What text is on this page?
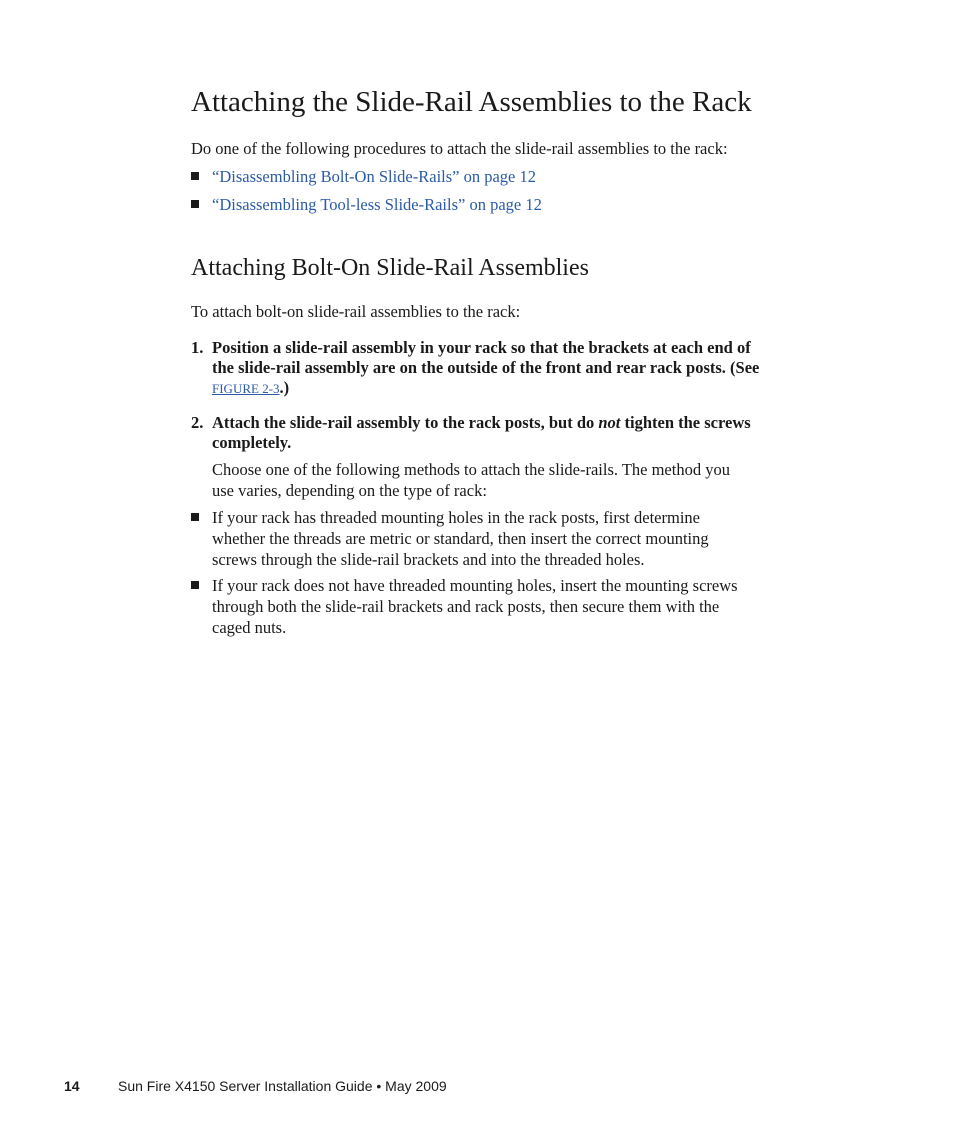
Attaching the Slide-Rail Assemblies to the Rack

Do one of the following procedures to attach the slide-rail assemblies to the rack:

“Disassembling Bolt-On Slide-Rails” on page 12
“Disassembling Tool-less Slide-Rails” on page 12
Attaching Bolt-On Slide-Rail Assemblies

To attach bolt-on slide-rail assemblies to the rack:

1. Position a slide-rail assembly in your rack so that the brackets at each end of
the slide-rail assembly are on the outside of the front and rear rack posts. (See
FIGURE 2-3.)
2. Attach the slide-rail assembly to the rack posts, but do not tighten the screws
completely.
Choose one of the following methods to attach the slide-rails. The method you
use varies, depending on the type of rack:
If your rack has threaded mounting holes in the rack posts, first determine
whether the threads are metric or standard, then insert the correct mounting
screws through the slide-rail brackets and into the threaded holes.
If your rack does not have threaded mounting holes, insert the mounting screws
through both the slide-rail brackets and rack posts, then secure them with the
caged nuts.
14	Sun Fire X4150 Server Installation Guide • May 2009
